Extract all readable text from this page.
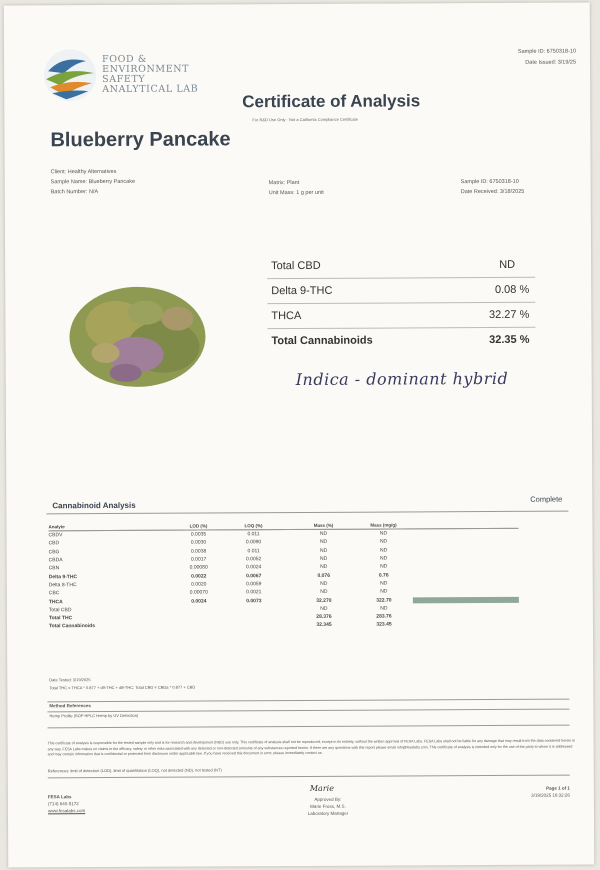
FOOD &
ENVIRONMENT
SAFETY
ANALYTICAL LAB
Sample ID: 6750318-10
Date Issued: 3/19/25
Certificate of Analysis
For R&D Use Only · Not a California Compliance Certificate
Blueberry Pancake
Client: Healthy Alternatives
Sample Name: Blueberry Pancake
Batch Number: N/A
Matrix: Plant
Unit Mass: 1 g per unit
Sample ID: 6750318-10
Date Received: 3/18/2025
Total CBD	ND
Delta 9-THC	0.08 %
THCA	32.27 %
Total Cannabinoids	32.35 %
Indica - dominant hybrid
Cannabinoid Analysis
Complete
Analyte	LOD (%)	LOQ (%)	Mass (%)	Mass (mg/g)	
CBDV	0.0035	0.011	ND	ND	
CBD	0.0030	0.0090	ND	ND	
CBG	0.0038	0.011	ND	ND	
CBDA	0.0017	0.0052	ND	ND	
CBN	0.00080	0.0024	ND	ND	
Delta 9-THC	0.0022	0.0067	0.076	0.76	
Delta 8-THC	0.0020	0.0059	ND	ND	
CBC	0.00070	0.0021	ND	ND	
THCA	0.0024	0.0073	32.270	322.70	

Total CBD			ND	ND	
Total THC			28.376	283.76	
Total Cannabinoids			32.345	323.45	
Date Tested: 3/19/2025
Total THC = THCA * 0.877 + d9-THC + d8-THC; Total CBD = CBDa * 0.877 + CBD
Method References
Hemp Profile (SOP HPLC Hemp by UV Detection)
This certificate of analysis is responsible for the tested sample only and is for research and development (R&D) use only. This certificate of analysis shall not be reproduced, except in its entirety, without the written approval of FESA Labs. FESA Labs shall not be liable for any damage that may result from the data contained herein in any way. FESA Labs makes no claims to the efficacy, safety or other risks associated with any detected or non-detected amounts of any substances reported herein. If there are any questions with this report please email info@fesalabs.com. This certificate of analysis is intended only for the use of the party to whom it is addressed and may contain information that is confidential or protected from disclosure under applicable law. If you have received this document in error, please immediately contact us.
References: limit of detection (LOD), limit of quantitation (LOQ), not detected (ND), not tested (NT)
FESA Labs
(714) 640-5172
www.fesalabs.com
Marie
Approved By:
Marie Fross, M.S.
Laboratory Manager
Page 1 of 1
3/19/2025 16:32:26
